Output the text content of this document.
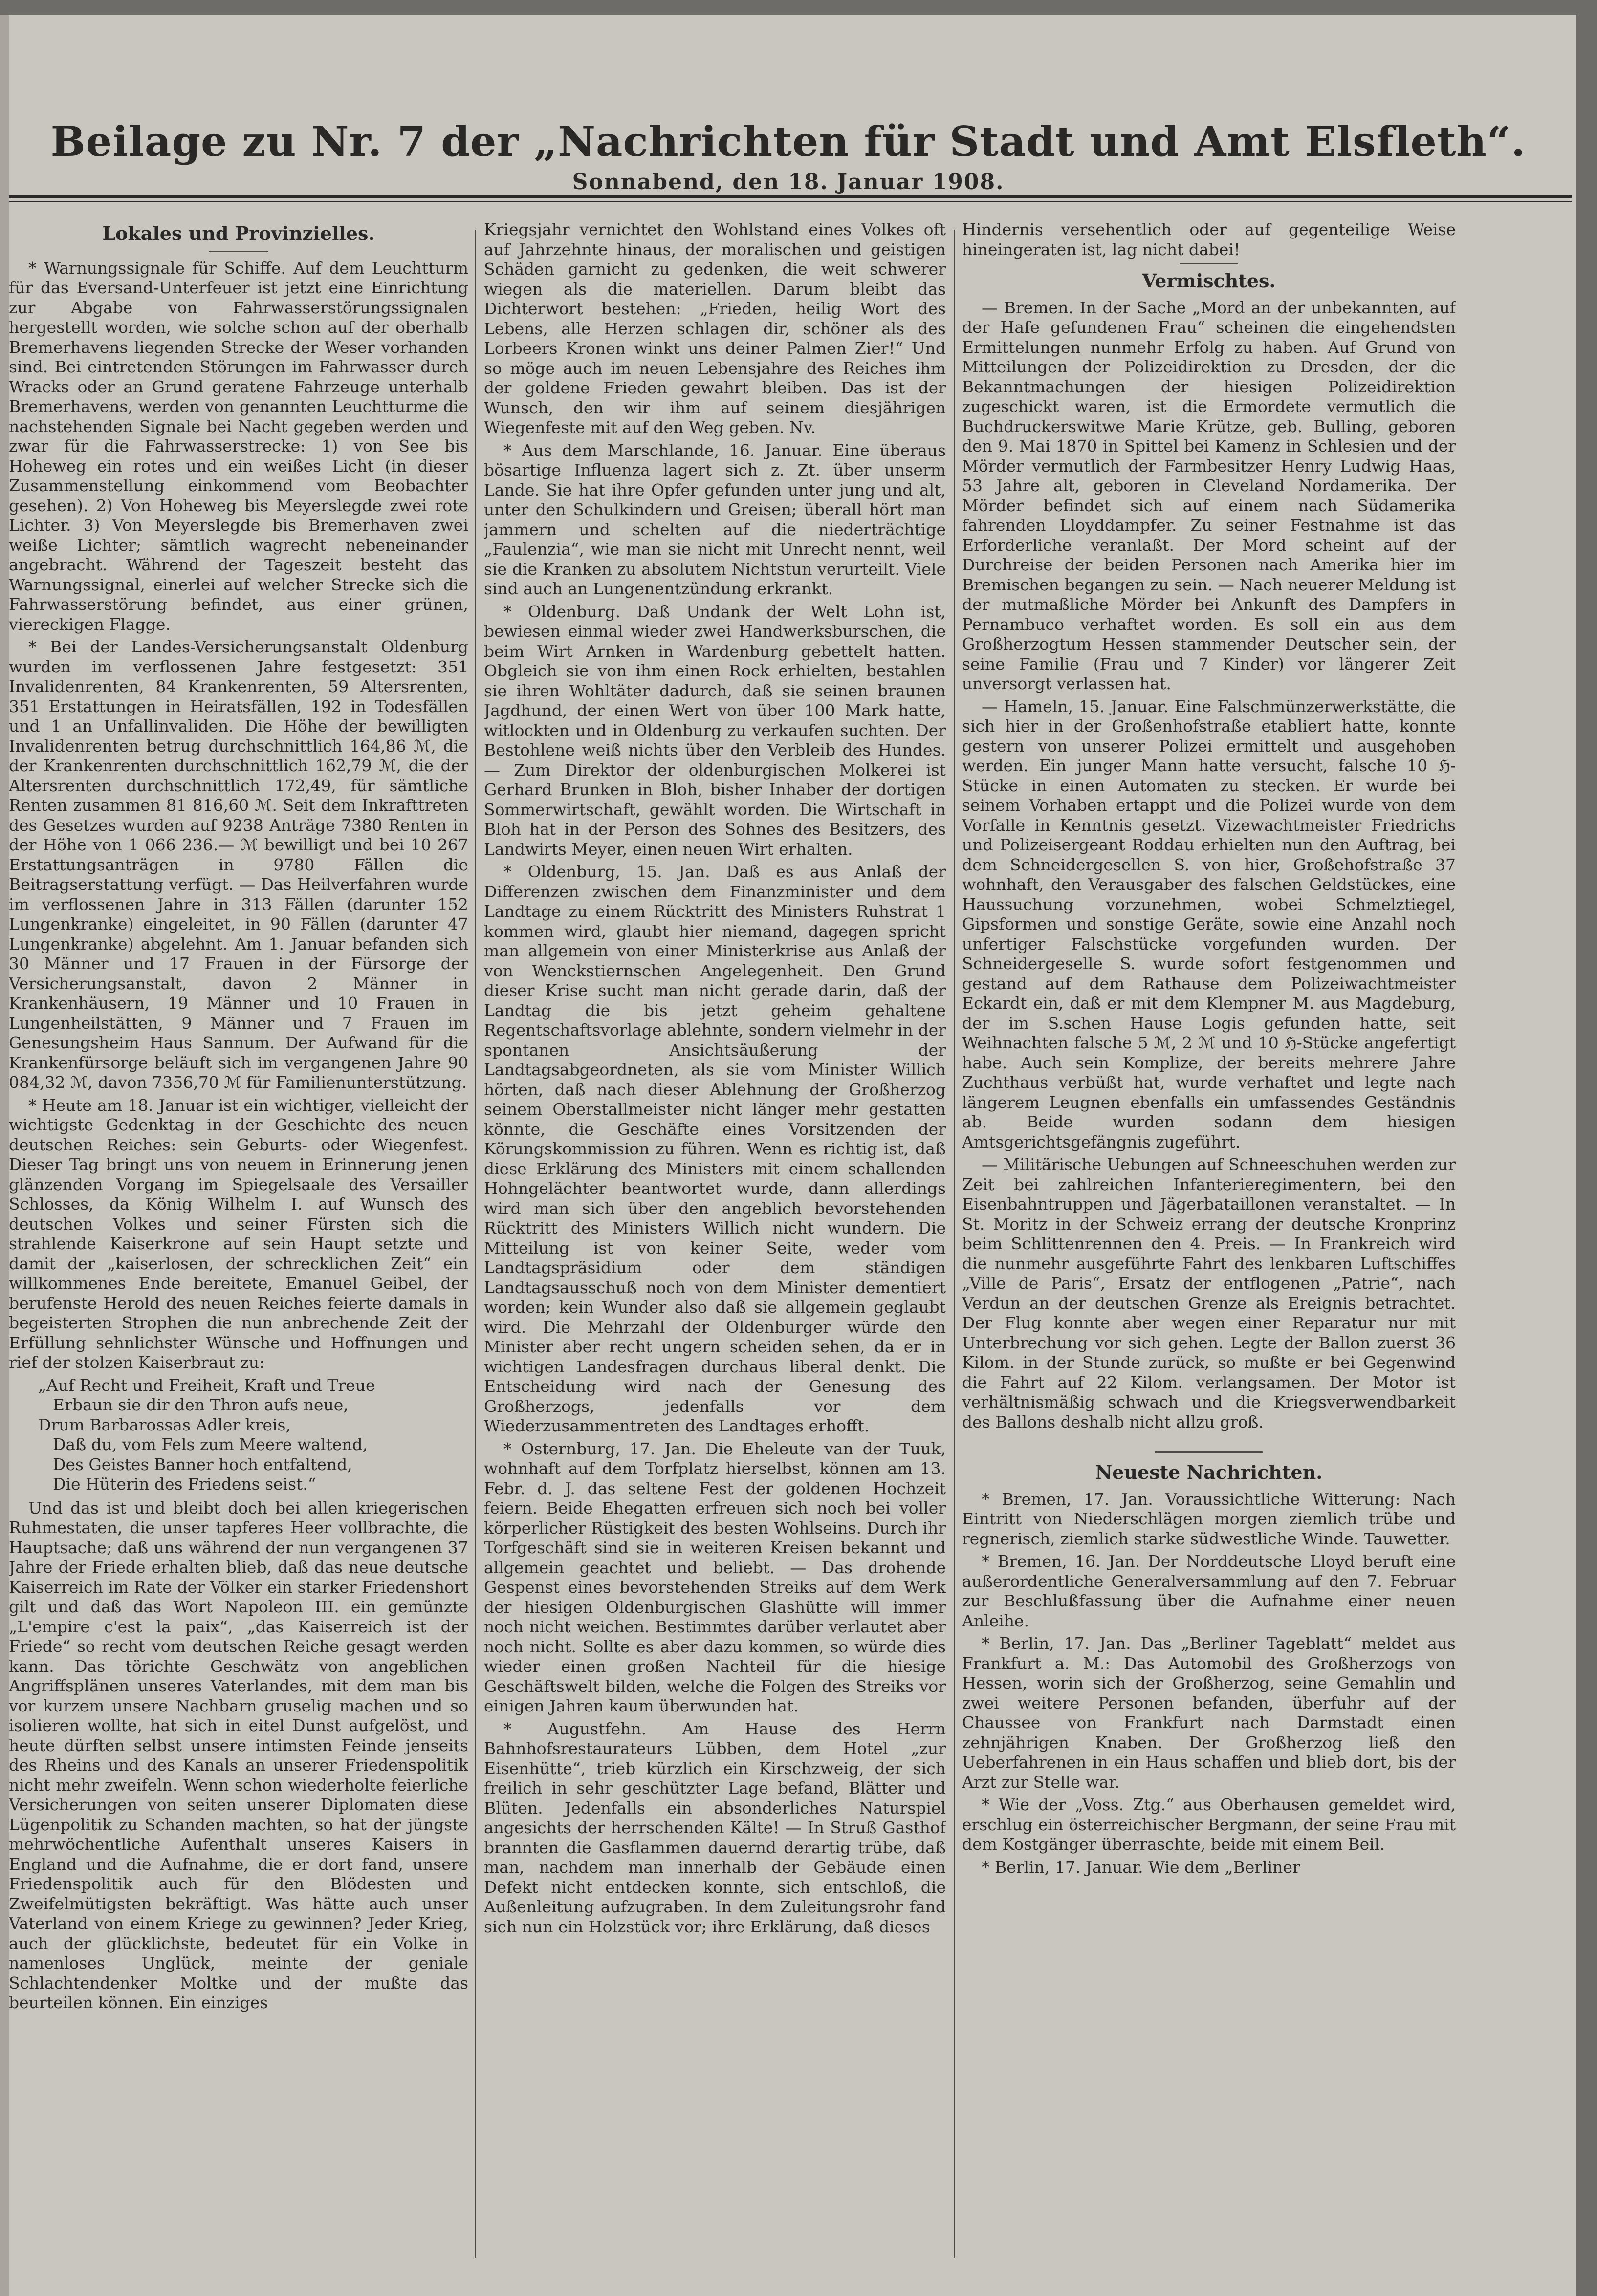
Beilage zu Nr. 7 der „Nachrichten für Stadt und Amt Elsfleth“.
Sonnabend, den 18. Januar 1908.
Lokales und Provinzielles.

* Warnungssignale für Schiffe. Auf dem Leuchtturm für das Eversand-Unterfeuer ist jetzt eine Einrichtung zur Abgabe von Fahrwasserstörungssignalen hergestellt worden, wie solche schon auf der oberhalb Bremerhavens liegenden Strecke der Weser vorhanden sind. Bei eintretenden Störungen im Fahrwasser durch Wracks oder an Grund geratene Fahrzeuge unterhalb Bremerhavens, werden von genannten Leuchtturme die nachstehenden Signale bei Nacht gegeben werden und zwar für die Fahrwasserstrecke: 1) von See bis Hoheweg ein rotes und ein weißes Licht (in dieser Zusammenstellung einkommend vom Beobachter gesehen). 2) Von Hoheweg bis Meyerslegde zwei rote Lichter. 3) Von Meyerslegde bis Bremerhaven zwei weiße Lichter; sämtlich wagrecht nebeneinander angebracht. Während der Tageszeit besteht das Warnungssignal, einerlei auf welcher Strecke sich die Fahrwasserstörung befindet, aus einer grünen, viereckigen Flagge.

* Bei der Landes-Versicherungsanstalt Oldenburg wurden im verflossenen Jahre festgesetzt: 351 Invalidenrenten, 84 Krankenrenten, 59 Altersrenten, 351 Erstattungen in Heiratsfällen, 192 in Todesfällen und 1 an Unfallinvaliden. Die Höhe der bewilligten Invalidenrenten betrug durchschnittlich 164,86 ℳ, die der Krankenrenten durchschnittlich 162,79 ℳ, die der Altersrenten durchschnittlich 172,49, für sämtliche Renten zusammen 81 816,60 ℳ. Seit dem Inkrafttreten des Gesetzes wurden auf 9238 Anträge 7380 Renten in der Höhe von 1 066 236.— ℳ bewilligt und bei 10 267 Erstattungsanträgen in 9780 Fällen die Beitragserstattung verfügt. — Das Heilverfahren wurde im verflossenen Jahre in 313 Fällen (darunter 152 Lungenkranke) eingeleitet, in 90 Fällen (darunter 47 Lungenkranke) abgelehnt. Am 1. Januar befanden sich 30 Männer und 17 Frauen in der Fürsorge der Versicherungsanstalt, davon 2 Männer in Krankenhäusern, 19 Männer und 10 Frauen in Lungenheilstätten, 9 Männer und 7 Frauen im Genesungsheim Haus Sannum. Der Aufwand für die Krankenfürsorge beläuft sich im vergangenen Jahre 90 084,32 ℳ, davon 7356,70 ℳ für Familienunterstützung.

* Heute am 18. Januar ist ein wichtiger, vielleicht der wichtigste Gedenktag in der Geschichte des neuen deutschen Reiches: sein Geburts- oder Wiegenfest. Dieser Tag bringt uns von neuem in Erinnerung jenen glänzenden Vorgang im Spiegelsaale des Versailler Schlosses, da König Wilhelm I. auf Wunsch des deutschen Volkes und seiner Fürsten sich die strahlende Kaiserkrone auf sein Haupt setzte und damit der „kaiserlosen, der schrecklichen Zeit“ ein willkommenes Ende bereitete, Emanuel Geibel, der berufenste Herold des neuen Reiches feierte damals in begeisterten Strophen die nun anbrechende Zeit der Erfüllung sehnlichster Wünsche und Hoffnungen und rief der stolzen Kaiserbraut zu:

„Auf Recht und Freiheit, Kraft und Treue
Erbaun sie dir den Thron aufs neue,
Drum Barbarossas Adler kreis,
Daß du, vom Fels zum Meere waltend,
Des Geistes Banner hoch entfaltend,
Die Hüterin des Friedens seist.“

Und das ist und bleibt doch bei allen kriegerischen Ruhmestaten, die unser tapferes Heer vollbrachte, die Hauptsache; daß uns während der nun vergangenen 37 Jahre der Friede erhalten blieb, daß das neue deutsche Kaiserreich im Rate der Völker ein starker Friedenshort gilt und daß das Wort Napoleon III. ein gemünzte „L'empire c'est la paix“, „das Kaiserreich ist der Friede“ so recht vom deutschen Reiche gesagt werden kann. Das törichte Geschwätz von angeblichen Angriffsplänen unseres Vaterlandes, mit dem man bis vor kurzem unsere Nachbarn gruselig machen und so isolieren wollte, hat sich in eitel Dunst aufgelöst, und heute dürften selbst unsere intimsten Feinde jenseits des Rheins und des Kanals an unserer Friedenspolitik nicht mehr zweifeln. Wenn schon wiederholte feierliche Versicherungen von seiten unserer Diplomaten diese Lügenpolitik zu Schanden machten, so hat der jüngste mehrwöchentliche Aufenthalt unseres Kaisers in England und die Aufnahme, die er dort fand, unsere Friedenspolitik auch für den Blödesten und Zweifelmütigsten bekräftigt. Was hätte auch unser Vaterland von einem Kriege zu gewinnen? Jeder Krieg, auch der glücklichste, bedeutet für ein Volke in namenloses Unglück, meinte der geniale Schlachtendenker Moltke und der mußte das beurteilen können. Ein einziges

Kriegsjahr vernichtet den Wohlstand eines Volkes oft auf Jahrzehnte hinaus, der moralischen und geistigen Schäden garnicht zu gedenken, die weit schwerer wiegen als die materiellen. Darum bleibt das Dichterwort bestehen: „Frieden, heilig Wort des Lebens, alle Herzen schlagen dir, schöner als des Lorbeers Kronen winkt uns deiner Palmen Zier!“ Und so möge auch im neuen Lebensjahre des Reiches ihm der goldene Frieden gewahrt bleiben. Das ist der Wunsch, den wir ihm auf seinem diesjährigen Wiegenfeste mit auf den Weg geben. Nv.

* Aus dem Marschlande, 16. Januar. Eine überaus bösartige Influenza lagert sich z. Zt. über unserm Lande. Sie hat ihre Opfer gefunden unter jung und alt, unter den Schulkindern und Greisen; überall hört man jammern und schelten auf die niederträchtige „Faulenzia“, wie man sie nicht mit Unrecht nennt, weil sie die Kranken zu absolutem Nichtstun verurteilt. Viele sind auch an Lungenentzündung erkrankt.

* Oldenburg. Daß Undank der Welt Lohn ist, bewiesen einmal wieder zwei Handwerksburschen, die beim Wirt Arnken in Wardenburg gebettelt hatten. Obgleich sie von ihm einen Rock erhielten, bestahlen sie ihren Wohltäter dadurch, daß sie seinen braunen Jagdhund, der einen Wert von über 100 Mark hatte, witlockten und in Oldenburg zu verkaufen suchten. Der Bestohlene weiß nichts über den Verbleib des Hundes. — Zum Direktor der oldenburgischen Molkerei ist Gerhard Brunken in Bloh, bisher Inhaber der dortigen Sommerwirtschaft, gewählt worden. Die Wirtschaft in Bloh hat in der Person des Sohnes des Besitzers, des Landwirts Meyer, einen neuen Wirt erhalten.

* Oldenburg, 15. Jan. Daß es aus Anlaß der Differenzen zwischen dem Finanzminister und dem Landtage zu einem Rücktritt des Ministers Ruhstrat 1 kommen wird, glaubt hier niemand, dagegen spricht man allgemein von einer Ministerkrise aus Anlaß der von Wenckstiernschen Angelegenheit. Den Grund dieser Krise sucht man nicht gerade darin, daß der Landtag die bis jetzt geheim gehaltene Regentschaftsvorlage ablehnte, sondern vielmehr in der spontanen Ansichtsäußerung der Landtagsabgeordneten, als sie vom Minister Willich hörten, daß nach dieser Ablehnung der Großherzog seinem Oberstallmeister nicht länger mehr gestatten könnte, die Geschäfte eines Vorsitzenden der Körungskommission zu führen. Wenn es richtig ist, daß diese Erklärung des Ministers mit einem schallenden Hohngelächter beantwortet wurde, dann allerdings wird man sich über den angeblich bevorstehenden Rücktritt des Ministers Willich nicht wundern. Die Mitteilung ist von keiner Seite, weder vom Landtagspräsidium oder dem ständigen Landtagsausschuß noch von dem Minister dementiert worden; kein Wunder also daß sie allgemein geglaubt wird. Die Mehrzahl der Oldenburger würde den Minister aber recht ungern scheiden sehen, da er in wichtigen Landesfragen durchaus liberal denkt. Die Entscheidung wird nach der Genesung des Großherzogs, jedenfalls vor dem Wiederzusammentreten des Landtages erhofft.

* Osternburg, 17. Jan. Die Eheleute van der Tuuk, wohnhaft auf dem Torfplatz hierselbst, können am 13. Febr. d. J. das seltene Fest der goldenen Hochzeit feiern. Beide Ehegatten erfreuen sich noch bei voller körperlicher Rüstigkeit des besten Wohlseins. Durch ihr Torfgeschäft sind sie in weiteren Kreisen bekannt und allgemein geachtet und beliebt. — Das drohende Gespenst eines bevorstehenden Streiks auf dem Werk der hiesigen Oldenburgischen Glashütte will immer noch nicht weichen. Bestimmtes darüber verlautet aber noch nicht. Sollte es aber dazu kommen, so würde dies wieder einen großen Nachteil für die hiesige Geschäftswelt bilden, welche die Folgen des Streiks vor einigen Jahren kaum überwunden hat.

* Augustfehn. Am Hause des Herrn Bahnhofsrestaurateurs Lübben, dem Hotel „zur Eisenhütte“, trieb kürzlich ein Kirschzweig, der sich freilich in sehr geschützter Lage befand, Blätter und Blüten. Jedenfalls ein absonderliches Naturspiel angesichts der herrschenden Kälte! — In Struß Gasthof brannten die Gasflammen dauernd derartig trübe, daß man, nachdem man innerhalb der Gebäude einen Defekt nicht entdecken konnte, sich entschloß, die Außenleitung aufzugraben. In dem Zuleitungsrohr fand sich nun ein Holzstück vor; ihre Erklärung, daß dieses

Hindernis versehentlich oder auf gegenteilige Weise hineingeraten ist, lag nicht dabei!

Vermischtes.

— Bremen. In der Sache „Mord an der unbekannten, auf der Hafe gefundenen Frau“ scheinen die eingehendsten Ermittelungen nunmehr Erfolg zu haben. Auf Grund von Mitteilungen der Polizeidirektion zu Dresden, der die Bekanntmachungen der hiesigen Polizeidirektion zugeschickt waren, ist die Ermordete vermutlich die Buchdruckerswitwe Marie Krütze, geb. Bulling, geboren den 9. Mai 1870 in Spittel bei Kamenz in Schlesien und der Mörder vermutlich der Farmbesitzer Henry Ludwig Haas, 53 Jahre alt, geboren in Cleveland Nordamerika. Der Mörder befindet sich auf einem nach Südamerika fahrenden Lloyddampfer. Zu seiner Festnahme ist das Erforderliche veranlaßt. Der Mord scheint auf der Durchreise der beiden Personen nach Amerika hier im Bremischen begangen zu sein. — Nach neuerer Meldung ist der mutmaßliche Mörder bei Ankunft des Dampfers in Pernambuco verhaftet worden. Es soll ein aus dem Großherzogtum Hessen stammender Deutscher sein, der seine Familie (Frau und 7 Kinder) vor längerer Zeit unversorgt verlassen hat.

— Hameln, 15. Januar. Eine Falschmünzerwerkstätte, die sich hier in der Großenhofstraße etabliert hatte, konnte gestern von unserer Polizei ermittelt und ausgehoben werden. Ein junger Mann hatte versucht, falsche 10 ℌ-Stücke in einen Automaten zu stecken. Er wurde bei seinem Vorhaben ertappt und die Polizei wurde von dem Vorfalle in Kenntnis gesetzt. Vizewachtmeister Friedrichs und Polizeisergeant Roddau erhielten nun den Auftrag, bei dem Schneidergesellen S. von hier, Großehofstraße 37 wohnhaft, den Verausgaber des falschen Geldstückes, eine Haussuchung vorzunehmen, wobei Schmelztiegel, Gipsformen und sonstige Geräte, sowie eine Anzahl noch unfertiger Falschstücke vorgefunden wurden. Der Schneidergeselle S. wurde sofort festgenommen und gestand auf dem Rathause dem Polizeiwachtmeister Eckardt ein, daß er mit dem Klempner M. aus Magdeburg, der im S.schen Hause Logis gefunden hatte, seit Weihnachten falsche 5 ℳ, 2 ℳ und 10 ℌ-Stücke angefertigt habe. Auch sein Komplize, der bereits mehrere Jahre Zuchthaus verbüßt hat, wurde verhaftet und legte nach längerem Leugnen ebenfalls ein umfassendes Geständnis ab. Beide wurden sodann dem hiesigen Amtsgerichtsgefängnis zugeführt.

— Militärische Uebungen auf Schneeschuhen werden zur Zeit bei zahlreichen Infanterieregimentern, bei den Eisenbahntruppen und Jägerbataillonen veranstaltet. — In St. Moritz in der Schweiz errang der deutsche Kronprinz beim Schlittenrennen den 4. Preis. — In Frankreich wird die nunmehr ausgeführte Fahrt des lenkbaren Luftschiffes „Ville de Paris“, Ersatz der entflogenen „Patrie“, nach Verdun an der deutschen Grenze als Ereignis betrachtet. Der Flug konnte aber wegen einer Reparatur nur mit Unterbrechung vor sich gehen. Legte der Ballon zuerst 36 Kilom. in der Stunde zurück, so mußte er bei Gegenwind die Fahrt auf 22 Kilom. verlangsamen. Der Motor ist verhältnismäßig schwach und die Kriegsverwendbarkeit des Ballons deshalb nicht allzu groß.

Neueste Nachrichten.

* Bremen, 17. Jan. Voraussichtliche Witterung: Nach Eintritt von Niederschlägen morgen ziemlich trübe und regnerisch, ziemlich starke südwestliche Winde. Tauwetter.

* Bremen, 16. Jan. Der Norddeutsche Lloyd beruft eine außerordentliche Generalversammlung auf den 7. Februar zur Beschlußfassung über die Aufnahme einer neuen Anleihe.

* Berlin, 17. Jan. Das „Berliner Tageblatt“ meldet aus Frankfurt a. M.: Das Automobil des Großherzogs von Hessen, worin sich der Großherzog, seine Gemahlin und zwei weitere Personen befanden, überfuhr auf der Chaussee von Frankfurt nach Darmstadt einen zehnjährigen Knaben. Der Großherzog ließ den Ueberfahrenen in ein Haus schaffen und blieb dort, bis der Arzt zur Stelle war.

* Wie der „Voss. Ztg.“ aus Oberhausen gemeldet wird, erschlug ein österreichischer Bergmann, der seine Frau mit dem Kostgänger überraschte, beide mit einem Beil.

* Berlin, 17. Januar. Wie dem „Berliner
